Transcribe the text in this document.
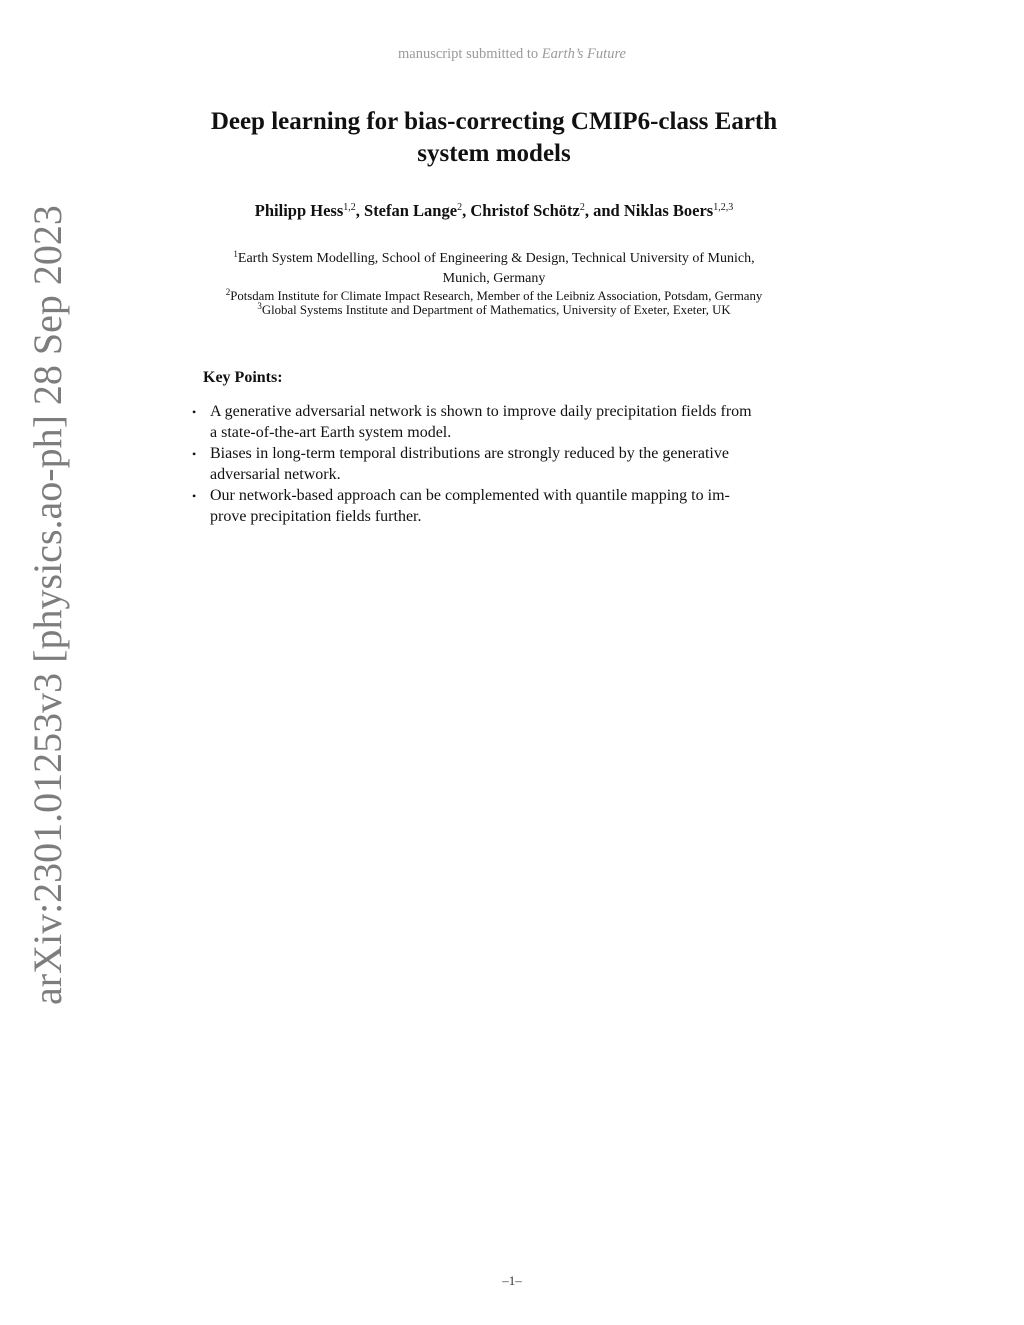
manuscript submitted to Earth’s Future
Deep learning for bias-correcting CMIP6-class Earth
system models
Philipp Hess$^{1,2}$, Stefan Lange$^2$, Christof Schötz$^2$, and Niklas Boers$^{1,2,3}$
$^1$Earth System Modelling, School of Engineering & Design, Technical University of Munich,
Munich, Germany
$^2$Potsdam Institute for Climate Impact Research, Member of the Leibniz Association, Potsdam, Germany
$^3$Global Systems Institute and Department of Mathematics, University of Exeter, Exeter, UK
Key Points:
• A generative adversarial network is shown to improve daily precipitation fields from
a state-of-the-art Earth system model.
• Biases in long-term temporal distributions are strongly reduced by the generative
adversarial network.
• Our network-based approach can be complemented with quantile mapping to im-
prove precipitation fields further.
arXiv:2301.01253v3 [physics.ao-ph] 28 Sep 2023
–1–
